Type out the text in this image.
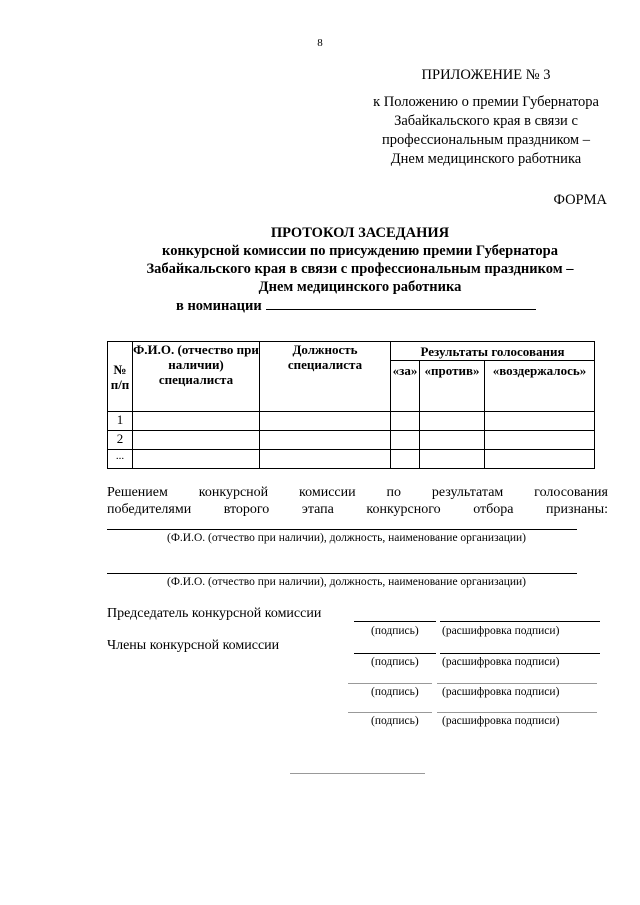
8
ПРИЛОЖЕНИЕ № 3
к Положению о премии Губернатора
Забайкальского края в связи с
профессиональным праздником –
Днем медицинского работника
ФОРМА
ПРОТОКОЛ ЗАСЕДАНИЯ
конкурсной комиссии по присуждению премии Губернатора
Забайкальского края в связи с профессиональным праздником –
Днем медицинского работника
в номинации
№ п/п	Ф.И.О. (отчество при наличии) специалиста	Должность специалиста	Результаты голосования		
			«за»	«против»	«воздержалось»
1					
2					
...					
Решением конкурсной комиссии по результатам голосования
победителями второго этапа конкурсного отбора признаны:
(Ф.И.О. (отчество при наличии), должность, наименование организации)
(Ф.И.О. (отчество при наличии), должность, наименование организации)
Председатель конкурсной комиссии
Члены конкурсной комиссии
(подпись) (расшифровка подписи)
(подпись) (расшифровка подписи)
(подпись) (расшифровка подписи)
(подпись) (расшифровка подписи)
